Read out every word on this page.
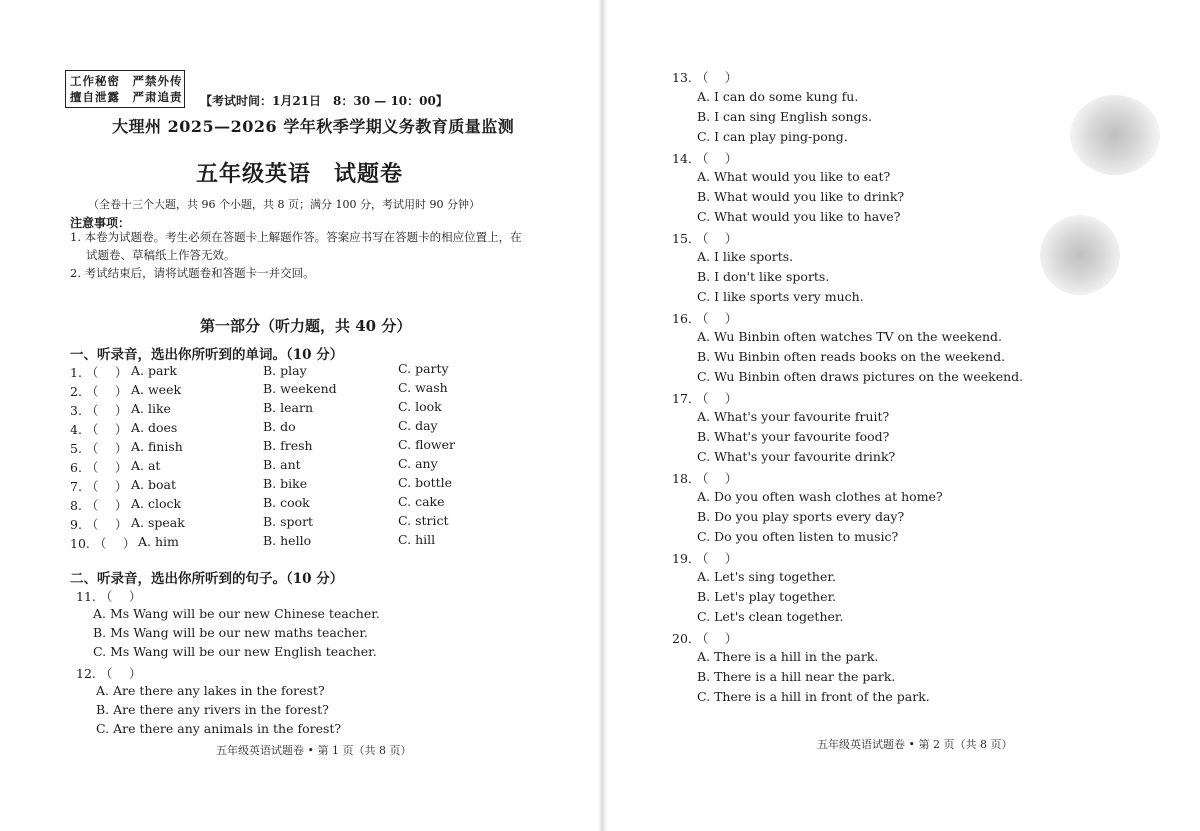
工作秘密　严禁外传
擅自泄露　严肃追责 【考试时间：1月21日　8：30 — 10：00】
大理州 2025—2026 学年秋季学期义务教育质量监测
五年级英语　试题卷
（全卷十三个大题，共 96 个小题，共 8 页；满分 100 分，考试用时 90 分钟）
注意事项：
1. 本卷为试题卷。考生必须在答题卡上解题作答。答案应书写在答题卡的相应位置上，在
试题卷、草稿纸上作答无效。
2. 考试结束后，请将试题卷和答题卡一并交回。
第一部分（听力题，共 40 分）
一、听录音，选出你所听到的单词。（10 分）
1. （　 ） A. park	B. play	C. party
2. （　 ） A. week	B. weekend	C. wash
3. （　 ） A. like	B. learn	C. look
4. （　 ） A. does	B. do	C. day
5. （　 ） A. finish	B. fresh	C. flower
6. （　 ） A. at	B. ant	C. any
7. （　 ） A. boat	B. bike	C. bottle
8. （　 ） A. clock	B. cook	C. cake
9. （　 ） A. speak	B. sport	C. strict
10. （　 ） A. him	B. hello	C. hill
二、听录音，选出你所听到的句子。（10 分）
11. （　 ）
A. Ms Wang will be our new Chinese teacher.
B. Ms Wang will be our new maths teacher.
C. Ms Wang will be our new English teacher.
12. （　 ）
A. Are there any lakes in the forest?
B. Are there any rivers in the forest?
C. Are there any animals in the forest?
五年级英语试题卷 • 第 1 页（共 8 页）
13. （　 ）
A. I can do some kung fu.
B. I can sing English songs.
C. I can play ping-pong.
14. （　 ）
A. What would you like to eat?
B. What would you like to drink?
C. What would you like to have?
15. （　 ）
A. I like sports.
B. I don't like sports.
C. I like sports very much.
16. （　 ）
A. Wu Binbin often watches TV on the weekend.
B. Wu Binbin often reads books on the weekend.
C. Wu Binbin often draws pictures on the weekend.
17. （　 ）
A. What's your favourite fruit?
B. What's your favourite food?
C. What's your favourite drink?
18. （　 ）
A. Do you often wash clothes at home?
B. Do you play sports every day?
C. Do you often listen to music?
19. （　 ）
A. Let's sing together.
B. Let's play together.
C. Let's clean together.
20. （　 ）
A. There is a hill in the park.
B. There is a hill near the park.
C. There is a hill in front of the park.
五年级英语试题卷 • 第 2 页（共 8 页）
